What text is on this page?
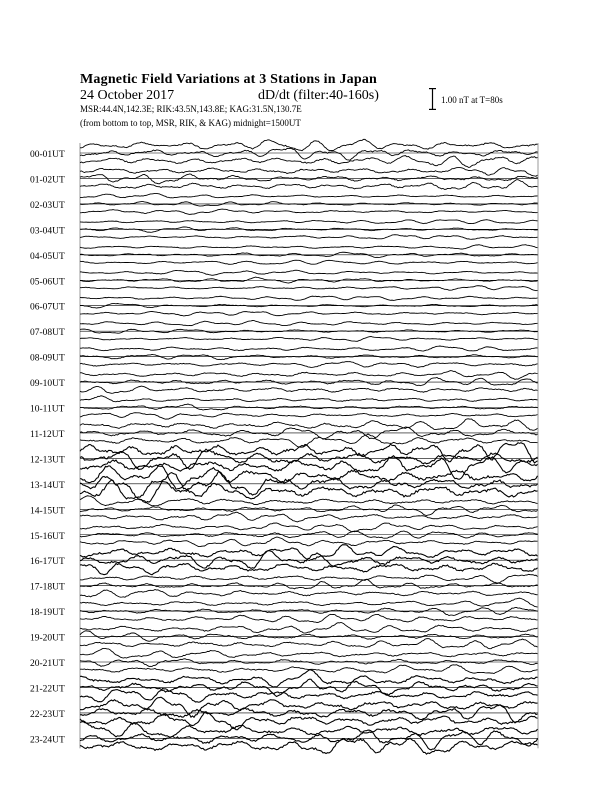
Magnetic Field Variations at 3 Stations in Japan
24 October 2017	dD/dt (filter:40-160s)
MSR:44.4N,142.3E; RIK:43.5N,143.8E; KAG:31.5N,130.7E
(from bottom to top, MSR, RIK, & KAG) midnight=1500UT
1.00 nT at T=80s
00-01UT
01-02UT
02-03UT
03-04UT
04-05UT
05-06UT
06-07UT
07-08UT
08-09UT
09-10UT
10-11UT
11-12UT
12-13UT
13-14UT
14-15UT
15-16UT
16-17UT
17-18UT
18-19UT
19-20UT
20-21UT
21-22UT
22-23UT
23-24UT
